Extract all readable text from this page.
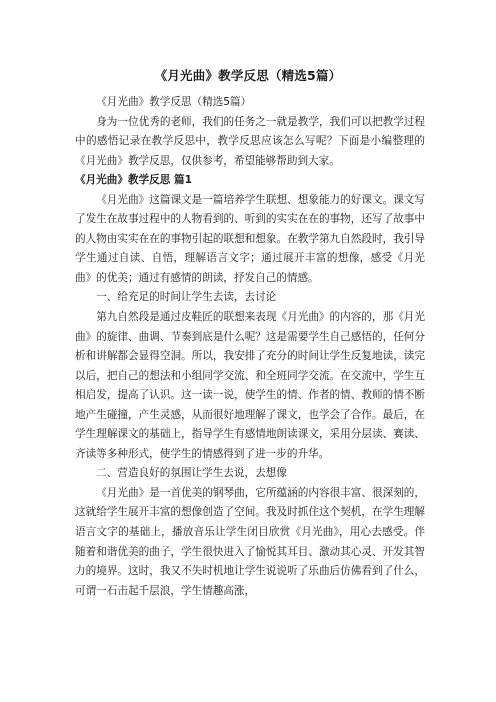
《月光曲》教学反思（精选5篇）

《月光曲》教学反思（精选5篇）

身为一位优秀的老师，我们的任务之一就是教学，我们可以把教学过程中的感悟记录在教学反思中，教学反思应该怎么写呢？下面是小编整理的《月光曲》教学反思，仅供参考，希望能够帮助到大家。

《月光曲》教学反思 篇1

《月光曲》这篇课文是一篇培养学生联想、想象能力的好课文。课文写了发生在故事过程中的人物看到的、听到的实实在在的事物，还写了故事中的人物由实实在在的事物引起的联想和想象。在教学第九自然段时，我引导学生通过自读、自悟，理解语言文字；通过展开丰富的想像，感受《月光曲》的优美；通过有感情的朗读，抒发自己的情感。

一、给充足的时间让学生去读，去讨论

第九自然段是通过皮鞋匠的联想来表现《月光曲》的内容的，那《月光曲》的旋律、曲调、节奏到底是什么呢？这是需要学生自己感悟的，任何分析和讲解都会显得空洞。所以，我安排了充分的时间让学生反复地读，读完以后，把自己的想法和小组同学交流、和全班同学交流。在交流中，学生互相启发，提高了认识。这一读一说，使学生的情、作者的情、教师的情不断地产生碰撞，产生灵感，从而很好地理解了课文，也学会了合作。最后，在学生理解课文的基础上，指导学生有感情地朗读课文，采用分层读、赛读、齐读等多种形式，使学生的情感得到了进一步的升华。

二、营造良好的氛围让学生去说，去想像

《月光曲》是一首优美的钢琴曲，它所蕴涵的内容很丰富、很深刻的，这就给学生展开丰富的想像创造了空间。我及时抓住这个契机，在学生理解语言文字的基础上，播放音乐让学生闭目欣赏《月光曲》，用心去感受。伴随着和谐优美的曲子，学生很快进入了愉悦其耳目、激动其心灵、开发其智力的境界。这时，我又不失时机地让学生说说听了乐曲后仿佛看到了什么，可谓一石击起千层浪，学生情趣高涨，
